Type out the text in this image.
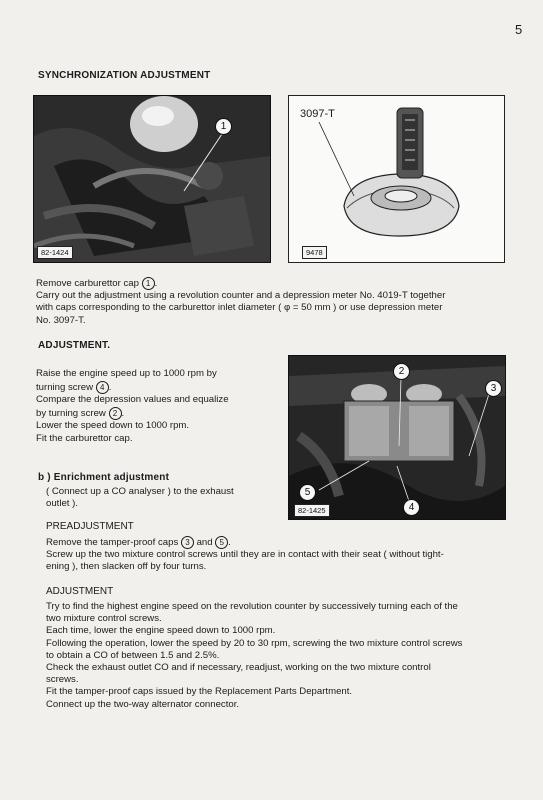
5
SYNCHRONIZATION ADJUSTMENT
1
82-1424
3097-T
9478

Remove carburettor cap 1 .

Carry out the adjustment using a revolution counter and a depression meter No. 4019-T together

with caps corresponding to the carburettor inlet diameter ( φ = 50 mm ) or use depression meter

No. 3097-T.

ADJUSTMENT.

Raise the engine speed up to 1000 rpm by

turning screw 4 .

Compare the depression values and equalize

by turning screw 2 .

Lower the speed down to 1000 rpm.

Fit the carburettor cap.

2
3
5
4
82-1425
b ) Enrichment adjustment

( Connect up a CO analyser ) to the exhaust

outlet ).

PREADJUSTMENT

Remove the tamper-proof caps 3 and 5 .

Screw up the two mixture control screws until they are in contact with their seat ( without tight-

ening ), then slacken off by four turns.

ADJUSTMENT

Try to find the highest engine speed on the revolution counter by successively turning each of the

two mixture control screws.

Each time, lower the engine speed down to 1000 rpm.

Following the operation, lower the speed by 20 to 30 rpm, screwing the two mixture control screws

to obtain a CO of between 1.5 and 2.5%.

Check the exhaust outlet CO and if necessary, readjust, working on the two mixture control

screws.

Fit the tamper-proof caps issued by the Replacement Parts Department.

Connect up the two-way alternator connector.
